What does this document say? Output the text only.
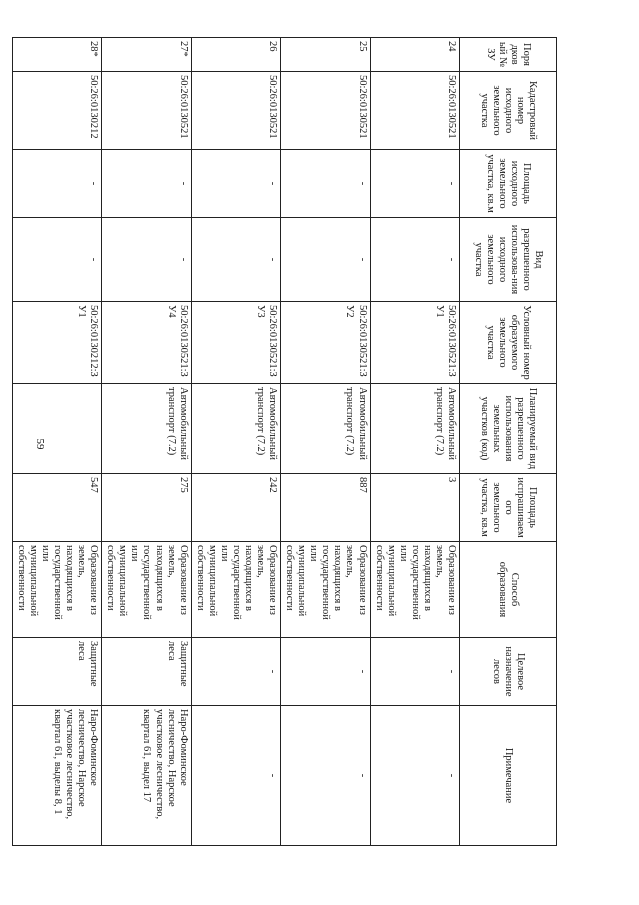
59
Порядковый № ЗУ	Кадастровый номер исходного земельного участка	Площадь исходного земельного участка, кв.м	Вид разрешенного использова-ния исходного земельного участка	Условный номер образуемого земельного участка	Планируемый вид разрешенного использования земельных участков (код)	Площадь испрашиваемого земельного участка, кв.м	Способ образования	Целевое назначение лесов	Примечание
24	50:26:0130521	-	-	50:26:0130521:ЗУ1	Автомобильный транспорт (7.2)	3	Образование из земель, находящихся в государственной или муниципальной собственности	-	-
25	50:26:0130521	-	-	50:26:0130521:ЗУ2	Автомобильный транспорт (7.2)	887	Образование из земель, находящихся в государственной или муниципальной собственности	-	-
26	50:26:0130521	-	-	50:26:0130521:ЗУ3	Автомобильный транспорт (7.2)	242	Образование из земель, находящихся в государственной или муниципальной собственности	-	-
27*	50:26:0130521	-	-	50:26:0130521:ЗУ4	Автомобильный транспорт (7.2)	275	Образование из земель, находящихся в государственной или муниципальной собственности	Защитные леса	Наро-Фоминское лесничество, Нарское участковое лесничество, квартал 61, выдел 17
28*	50:26:0130212	-	-	50:26:0130212:ЗУ1		547	Образование из земель, находящихся в государственной или муниципальной собственности	Защитные леса	Наро-Фоминское лесничество, Нарское участковое лесничество, квартал 61, выделы 8, 1
